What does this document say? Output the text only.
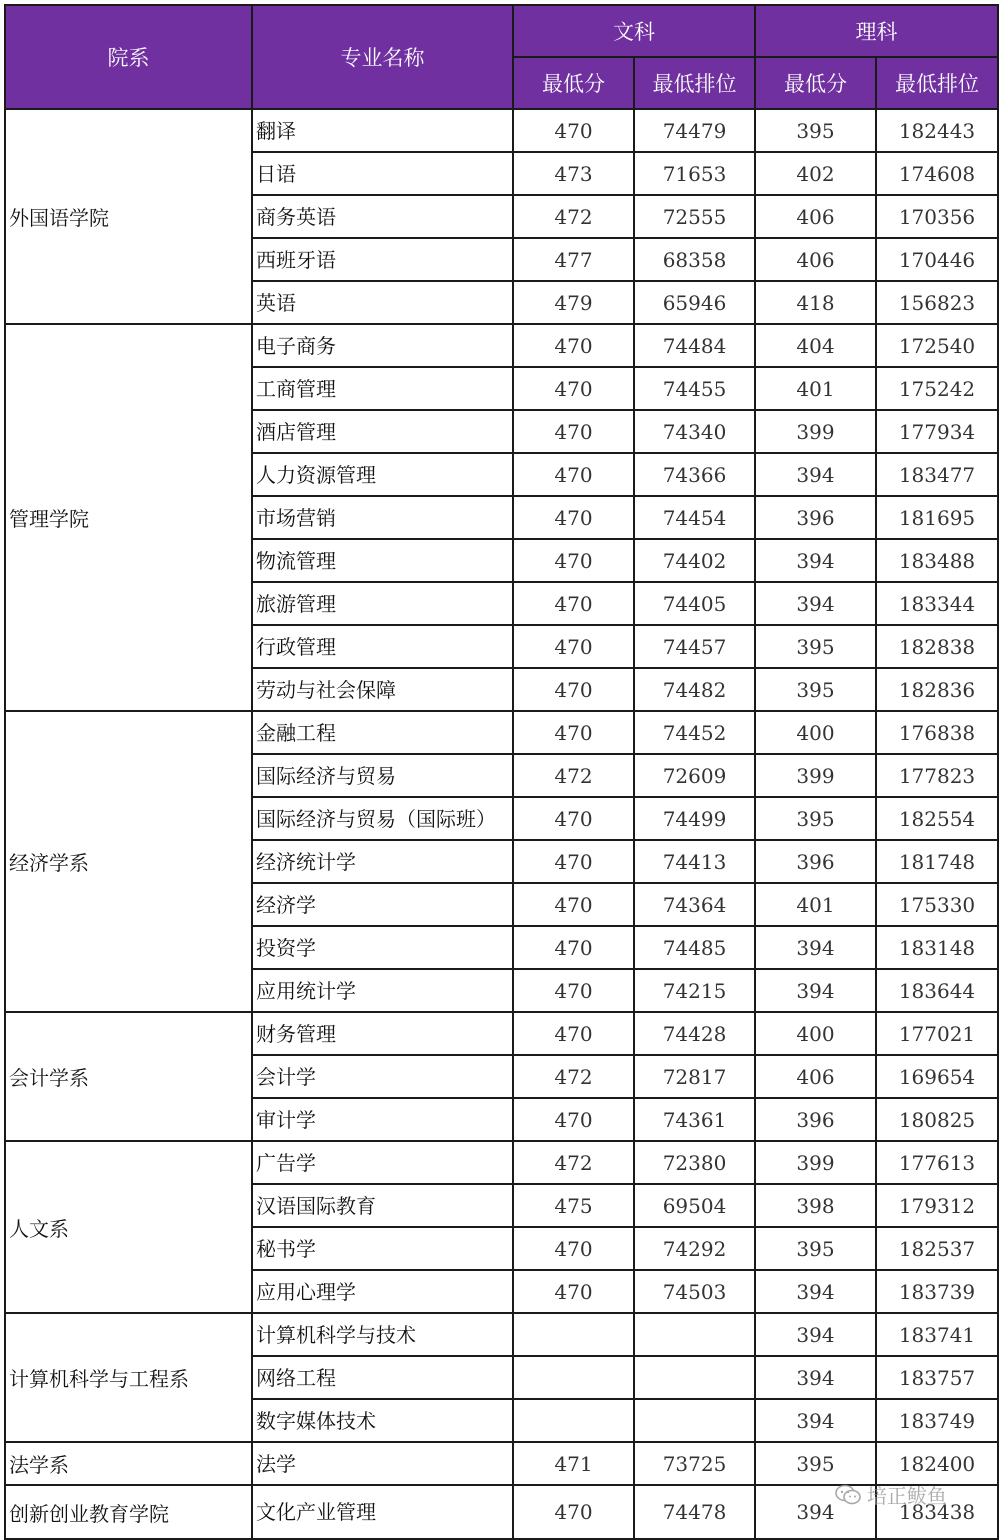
院系	专业名称	文科		理科	
		最低分	最低排位	最低分	最低排位
外国语学院	翻译	470	74479	395	182443
	日语	473	71653	402	174608
	商务英语	472	72555	406	170356
	西班牙语	477	68358	406	170446
	英语	479	65946	418	156823
管理学院	电子商务	470	74484	404	172540
	工商管理	470	74455	401	175242
	酒店管理	470	74340	399	177934
	人力资源管理	470	74366	394	183477
	市场营销	470	74454	396	181695
	物流管理	470	74402	394	183488
	旅游管理	470	74405	394	183344
	行政管理	470	74457	395	182838
	劳动与社会保障	470	74482	395	182836
经济学系	金融工程	470	74452	400	176838
	国际经济与贸易	472	72609	399	177823
	国际经济与贸易（国际班）	470	74499	395	182554
	经济统计学	470	74413	396	181748
	经济学	470	74364	401	175330
	投资学	470	74485	394	183148
	应用统计学	470	74215	394	183644
会计学系	财务管理	470	74428	400	177021
	会计学	472	72817	406	169654
	审计学	470	74361	396	180825
人文系	广告学	472	72380	399	177613
	汉语国际教育	475	69504	398	179312
	秘书学	470	74292	395	182537
	应用心理学	470	74503	394	183739
计算机科学与工程系	计算机科学与技术			394	183741
	网络工程			394	183757
	数字媒体技术			394	183749
法学系	法学	471	73725	395	182400
创新创业教育学院	文化产业管理	470	74478	394	183438
培正鲅鱼
